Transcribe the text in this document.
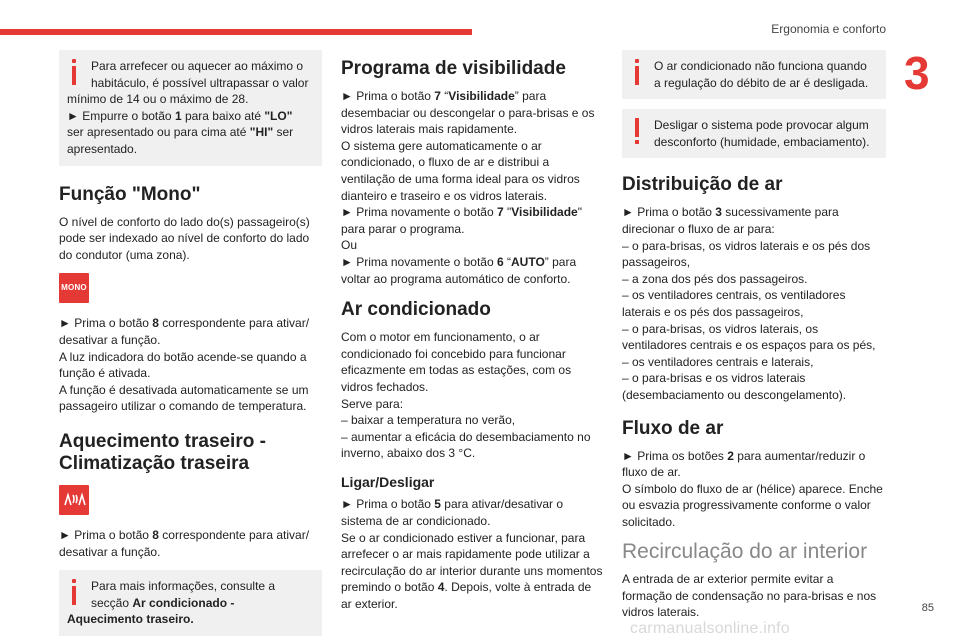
Ergonomia e conforto
3

Para arrefecer ou aquecer ao máximo o

habitáculo, é possível ultrapassar o valor

mínimo de 14 ou o máximo de 28.

► Empurre o botão 1 para baixo até "LO"

ser apresentado ou para cima até "HI" ser

apresentado.

Função "Mono"

O nível de conforto do lado do(s) passageiro(s) pode ser indexado ao nível de conforto do lado do condutor (uma zona).

MONO

► Prima o botão 8 correspondente para ativar/ desativar a função.

A luz indicadora do botão acende-se quando a função é ativada.

A função é desativada automaticamente se um passageiro utilizar o comando de temperatura.

Aquecimento traseiro -
Climatização traseira

► Prima o botão 8 correspondente para ativar/ desativar a função.

Para mais informações, consulte a

secção Ar condicionado -

Aquecimento traseiro.

Programa de visibilidade

► Prima o botão 7 “Visibilidade” para desembaciar ou descongelar o para-brisas e os vidros laterais mais rapidamente.

O sistema gere automaticamente o ar condicionado, o fluxo de ar e distribui a ventilação de uma forma ideal para os vidros dianteiro e traseiro e os vidros laterais.

► Prima novamente o botão 7 "Visibilidade" para parar o programa.

Ou

► Prima novamente o botão 6 “AUTO” para voltar ao programa automático de conforto.

Ar condicionado

Com o motor em funcionamento, o ar condicionado foi concebido para funcionar eficazmente em todas as estações, com os vidros fechados.

Serve para:

– baixar a temperatura no verão,

– aumentar a eficácia do desembaciamento no inverno, abaixo dos 3 °C.

Ligar/Desligar

► Prima o botão 5 para ativar/desativar o sistema de ar condicionado.

Se o ar condicionado estiver a funcionar, para arrefecer o ar mais rapidamente pode utilizar a recirculação do ar interior durante uns momentos premindo o botão 4. Depois, volte à entrada de ar exterior.

O ar condicionado não funciona quando

a regulação do débito de ar é desligada.

Desligar o sistema pode provocar algum

desconforto (humidade, embaciamento).

Distribuição de ar

► Prima o botão 3 sucessivamente para direcionar o fluxo de ar para:

– o para-brisas, os vidros laterais e os pés dos passageiros,

– a zona dos pés dos passageiros.

– os ventiladores centrais, os ventiladores laterais e os pés dos passageiros,

– o para-brisas, os vidros laterais, os ventiladores centrais e os espaços para os pés,

– os ventiladores centrais e laterais,

– o para-brisas e os vidros laterais (desembaciamento ou descongelamento).

Fluxo de ar

► Prima os botões 2 para aumentar/reduzir o fluxo de ar.

O símbolo do fluxo de ar (hélice) aparece. Enche ou esvazia progressivamente conforme o valor solicitado.

Recirculação do ar interior

A entrada de ar exterior permite evitar a formação de condensação no para-brisas e nos vidros laterais.	85
carmanualsonline.info
